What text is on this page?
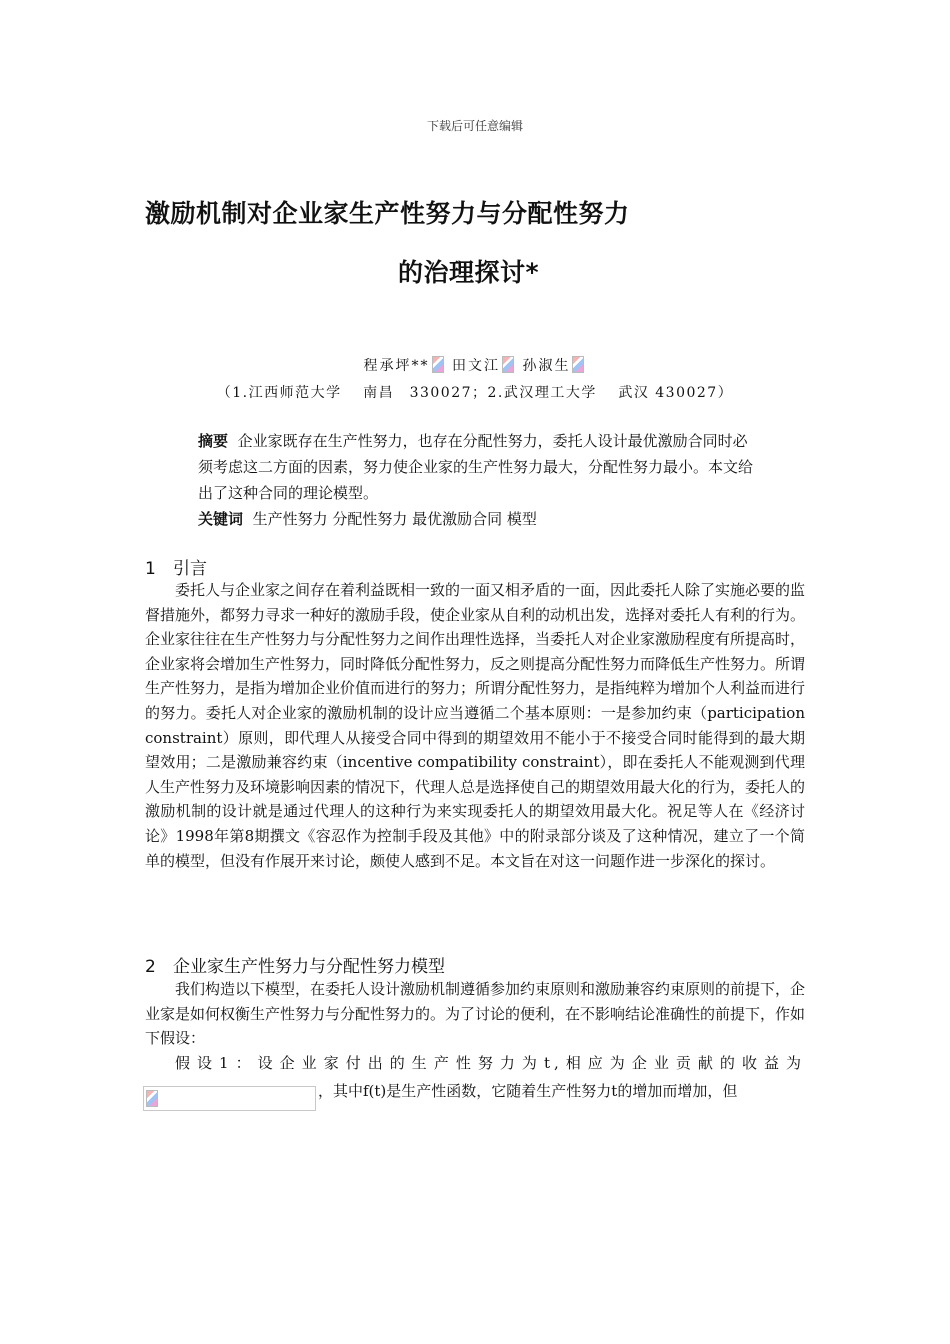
下载后可任意编辑
激励机制对企业家生产性努力与分配性努力
的治理探讨*
程承坪** 田文江 孙淑生
（1.江西师范大学　 南昌　330027；2.武汉理工大学　 武汉 430027）

摘要 企业家既存在生产性努力，也存在分配性努力，委托人设计最优激励合同时必须考虑这二方面的因素，努力使企业家的生产性努力最大，分配性努力最小。本文给出了这种合同的理论模型。

关键词 生产性努力 分配性努力 最优激励合同 模型

1 引言

委托人与企业家之间存在着利益既相一致的一面又相矛盾的一面，因此委托人除了实施必要的监督措施外，都努力寻求一种好的激励手段，使企业家从自利的动机出发，选择对委托人有利的行为。企业家往往在生产性努力与分配性努力之间作出理性选择，当委托人对企业家激励程度有所提高时，企业家将会增加生产性努力，同时降低分配性努力，反之则提高分配性努力而降低生产性努力。所谓生产性努力，是指为增加企业价值而进行的努力；所谓分配性努力，是指纯粹为增加个人利益而进行的努力。委托人对企业家的激励机制的设计应当遵循二个基本原则：一是参加约束（participation constraint）原则，即代理人从接受合同中得到的期望效用不能小于不接受合同时能得到的最大期望效用；二是激励兼容约束（incentive compatibility constraint），即在委托人不能观测到代理人生产性努力及环境影响因素的情况下，代理人总是选择使自己的期望效用最大化的行为，委托人的激励机制的设计就是通过代理人的这种行为来实现委托人的期望效用最大化。祝足等人在《经济讨论》1998年第8期撰文《容忍作为控制手段及其他》中的附录部分谈及了这种情况，建立了一个简单的模型，但没有作展开来讨论，颇使人感到不足。本文旨在对这一问题作进一步深化的探讨。

2 企业家生产性努力与分配性努力模型

我们构造以下模型，在委托人设计激励机制遵循参加约束原则和激励兼容约束原则的前提下，企业家是如何权衡生产性努力与分配性努力的。为了讨论的便利，在不影响结论准确性的前提下，作如下假设：

假设1：设企业家付出的生产性努力为t,相应为企业贡献的收益为

，其中f(t)是生产性函数，它随着生产性努力t的增加而增加，但
